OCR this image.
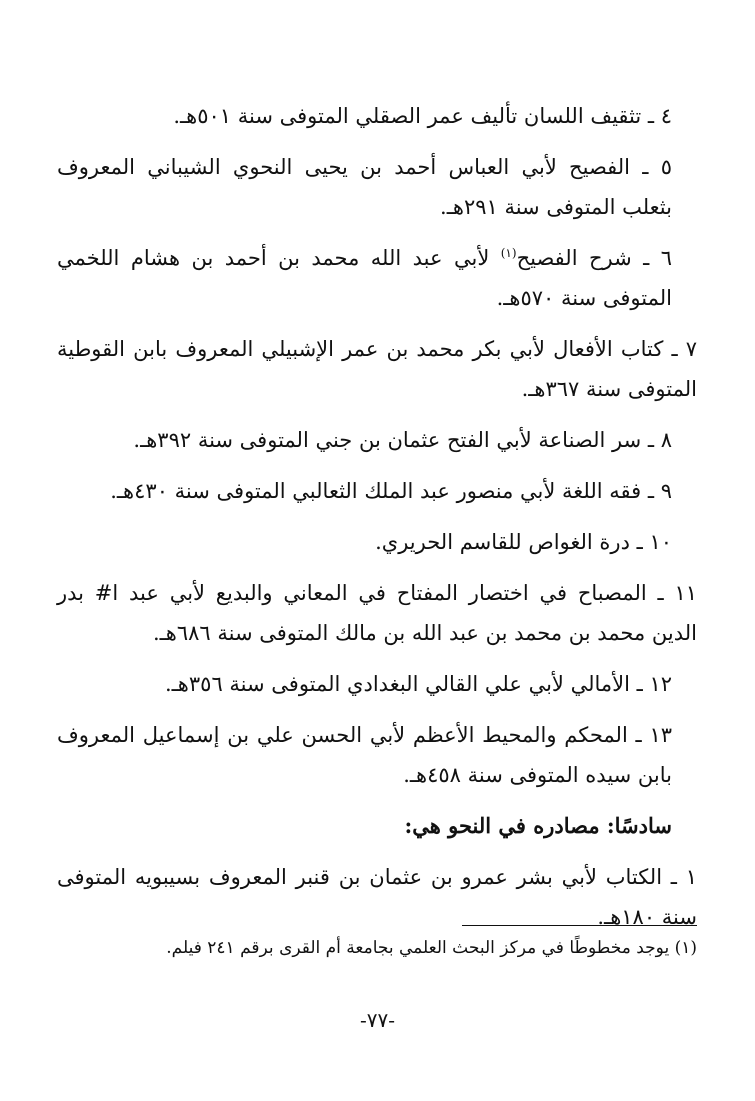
٤ ـ تثقيف اللسان تأليف عمر الصقلي المتوفى سنة ٥٠١هـ.

٥ ـ الفصيح لأبي العباس أحمد بن يحيى النحوي الشيباني المعروف بثعلب المتوفى سنة ٢٩١هـ.

٦ ـ شرح الفصيح$^{(١)}$ لأبي عبد الله محمد بن أحمد بن هشام اللخمي المتوفى سنة ٥٧٠هـ.

٧ ـ كتاب الأفعال لأبي بكر محمد بن عمر الإشبيلي المعروف بابن القوطية المتوفى سنة ٣٦٧هـ.

٨ ـ سر الصناعة لأبي الفتح عثمان بن جني المتوفى سنة ٣٩٢هـ.

٩ ـ فقه اللغة لأبي منصور عبد الملك الثعالبي المتوفى سنة ٤٣٠هـ.

١٠ ـ درة الغواص للقاسم الحريري.

١١ ـ المصباح في اختصار المفتاح في المعاني والبديع لأبي عبد ا# بدر الدين محمد بن محمد بن عبد الله بن مالك المتوفى سنة ٦٨٦هـ.

١٢ ـ الأمالي لأبي علي القالي البغدادي المتوفى سنة ٣٥٦هـ.

١٣ ـ المحكم والمحيط الأعظم لأبي الحسن علي بن إسماعيل المعروف بابن سيده المتوفى سنة ٤٥٨هـ.

سادسًا: مصادره في النحو هي:

١ ـ الكتاب لأبي بشر عمرو بن عثمان بن قنبر المعروف بسيبويه المتوفى سنة ١٨٠هـ.

(١) يوجد مخطوطًا في مركز البحث العلمي بجامعة أم القرى برقم ٢٤١ فيلم.
-٧٧-
